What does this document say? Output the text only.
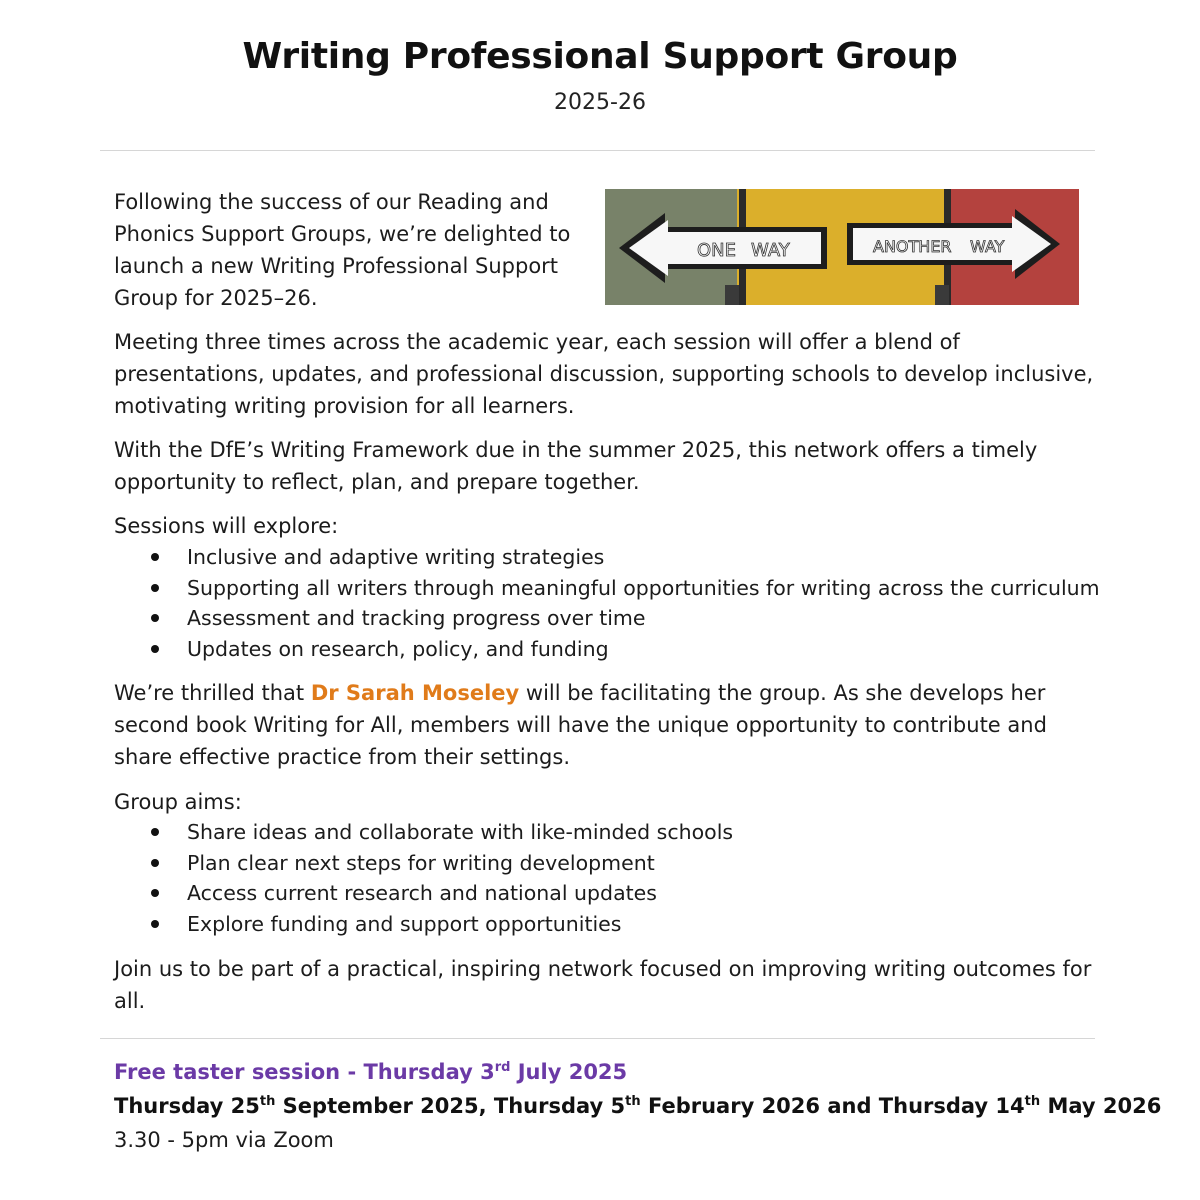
Writing Professional Support Group
2025-26
Following the success of our Reading and Phonics Support Groups, we’re delighted to launch a new Writing Professional Support Group for 2025–26.
ONE WAY	ANOTHER WAY
Meeting three times across the academic year, each session will offer a blend of presentations, updates, and professional discussion, supporting schools to develop inclusive, motivating writing provision for all learners.
With the DfE’s Writing Framework due in the summer 2025, this network offers a timely opportunity to reflect, plan, and prepare together.
Sessions will explore:
Inclusive and adaptive writing strategies
Supporting all writers through meaningful opportunities for writing across the curriculum
Assessment and tracking progress over time
Updates on research, policy, and funding
We’re thrilled that Dr Sarah Moseley will be facilitating the group. As she develops her second book Writing for All, members will have the unique opportunity to contribute and share effective practice from their settings.
Group aims:
Share ideas and collaborate with like-minded schools
Plan clear next steps for writing development
Access current research and national updates
Explore funding and support opportunities
Join us to be part of a practical, inspiring network focused on improving writing outcomes for all.
Free taster session - Thursday 3rd July 2025
Thursday 25th September 2025, Thursday 5th February 2026 and Thursday 14th May 2026
3.30 - 5pm via Zoom
